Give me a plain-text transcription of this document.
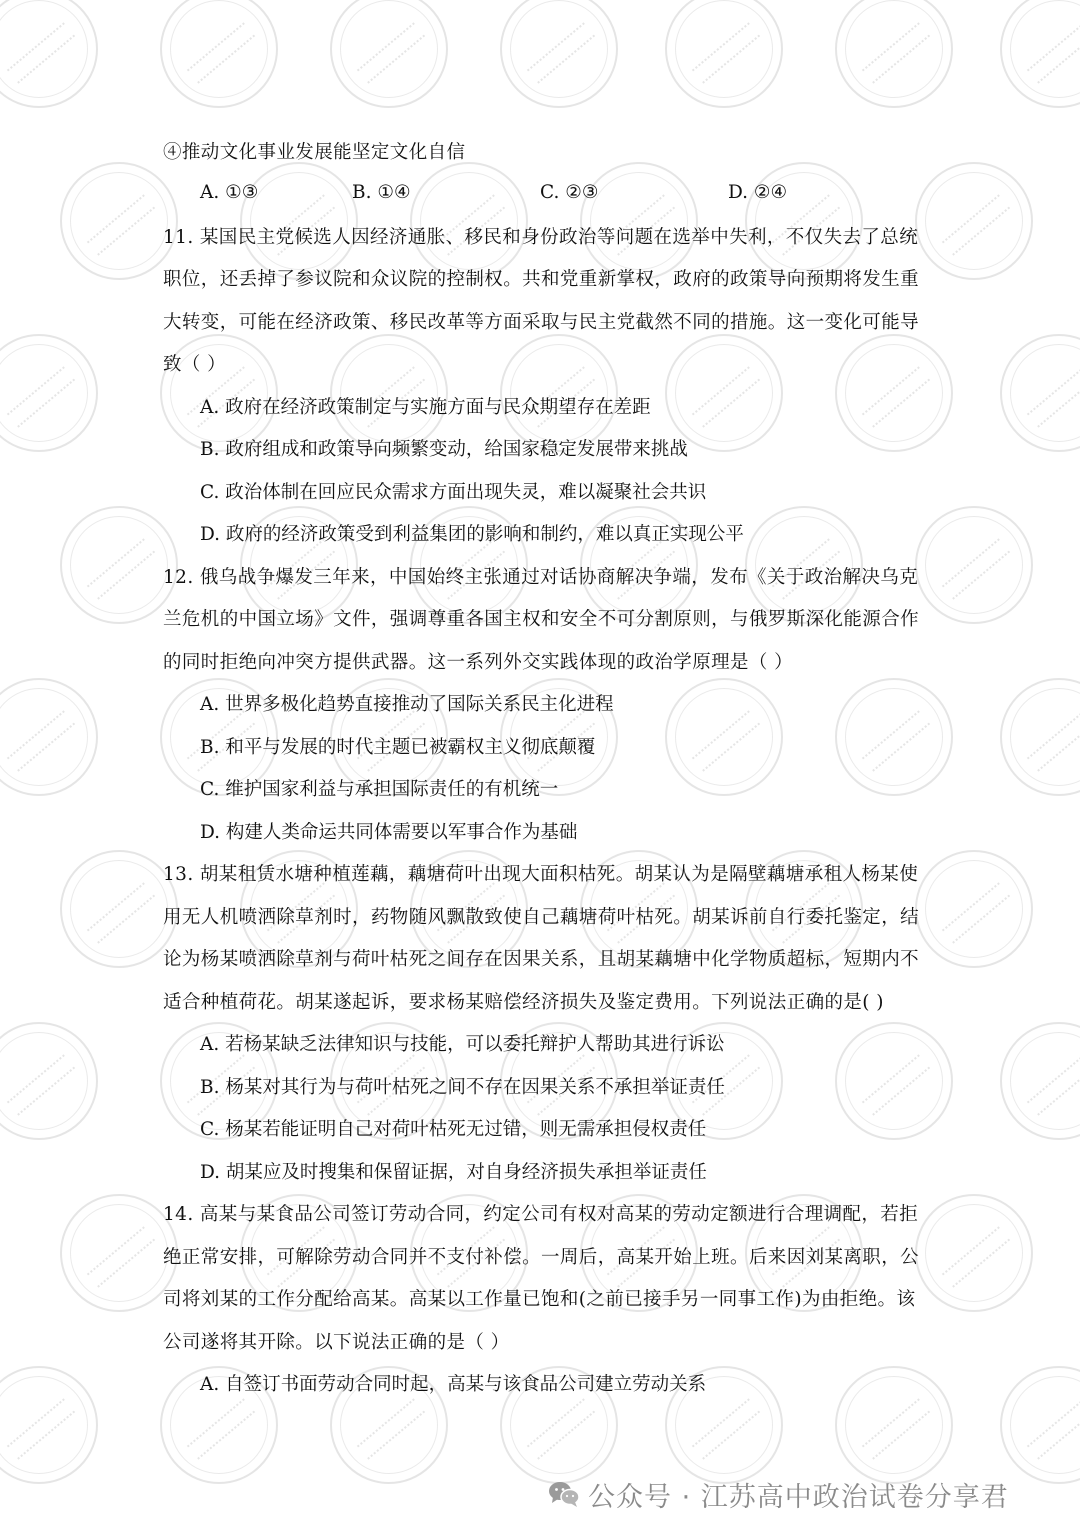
④推动文化事业发展能坚定文化自信
A. ①③	B. ①④	C. ②③	D. ②④
11. 某国民主党候选人因经济通胀、移民和身份政治等问题在选举中失利，不仅失去了总统
职位，还丢掉了参议院和众议院的控制权。共和党重新掌权，政府的政策导向预期将发生重
大转变，可能在经济政策、移民改革等方面采取与民主党截然不同的措施。这一变化可能导
致（ ）
A. 政府在经济政策制定与实施方面与民众期望存在差距
B. 政府组成和政策导向频繁变动，给国家稳定发展带来挑战
C. 政治体制在回应民众需求方面出现失灵，难以凝聚社会共识
D. 政府的经济政策受到利益集团的影响和制约，难以真正实现公平
12. 俄乌战争爆发三年来，中国始终主张通过对话协商解决争端，发布《关于政治解决乌克
兰危机的中国立场》文件，强调尊重各国主权和安全不可分割原则，与俄罗斯深化能源合作
的同时拒绝向冲突方提供武器。这一系列外交实践体现的政治学原理是（ ）
A. 世界多极化趋势直接推动了国际关系民主化进程
B. 和平与发展的时代主题已被霸权主义彻底颠覆
C. 维护国家利益与承担国际责任的有机统一
D. 构建人类命运共同体需要以军事合作为基础
13. 胡某租赁水塘种植莲藕，藕塘荷叶出现大面积枯死。胡某认为是隔壁藕塘承租人杨某使
用无人机喷洒除草剂时，药物随风飘散致使自己藕塘荷叶枯死。胡某诉前自行委托鉴定，结
论为杨某喷洒除草剂与荷叶枯死之间存在因果关系，且胡某藕塘中化学物质超标，短期内不
适合种植荷花。胡某遂起诉，要求杨某赔偿经济损失及鉴定费用。下列说法正确的是( )
A. 若杨某缺乏法律知识与技能，可以委托辩护人帮助其进行诉讼
B. 杨某对其行为与荷叶枯死之间不存在因果关系不承担举证责任
C. 杨某若能证明自己对荷叶枯死无过错，则无需承担侵权责任
D. 胡某应及时搜集和保留证据，对自身经济损失承担举证责任
14. 高某与某食品公司签订劳动合同，约定公司有权对高某的劳动定额进行合理调配，若拒
绝正常安排，可解除劳动合同并不支付补偿。一周后，高某开始上班。后来因刘某离职，公
司将刘某的工作分配给高某。高某以工作量已饱和(之前已接手另一同事工作)为由拒绝。该
公司遂将其开除。以下说法正确的是（ ）
A. 自签订书面劳动合同时起，高某与该食品公司建立劳动关系
公众号 · 江苏高中政治试卷分享君
